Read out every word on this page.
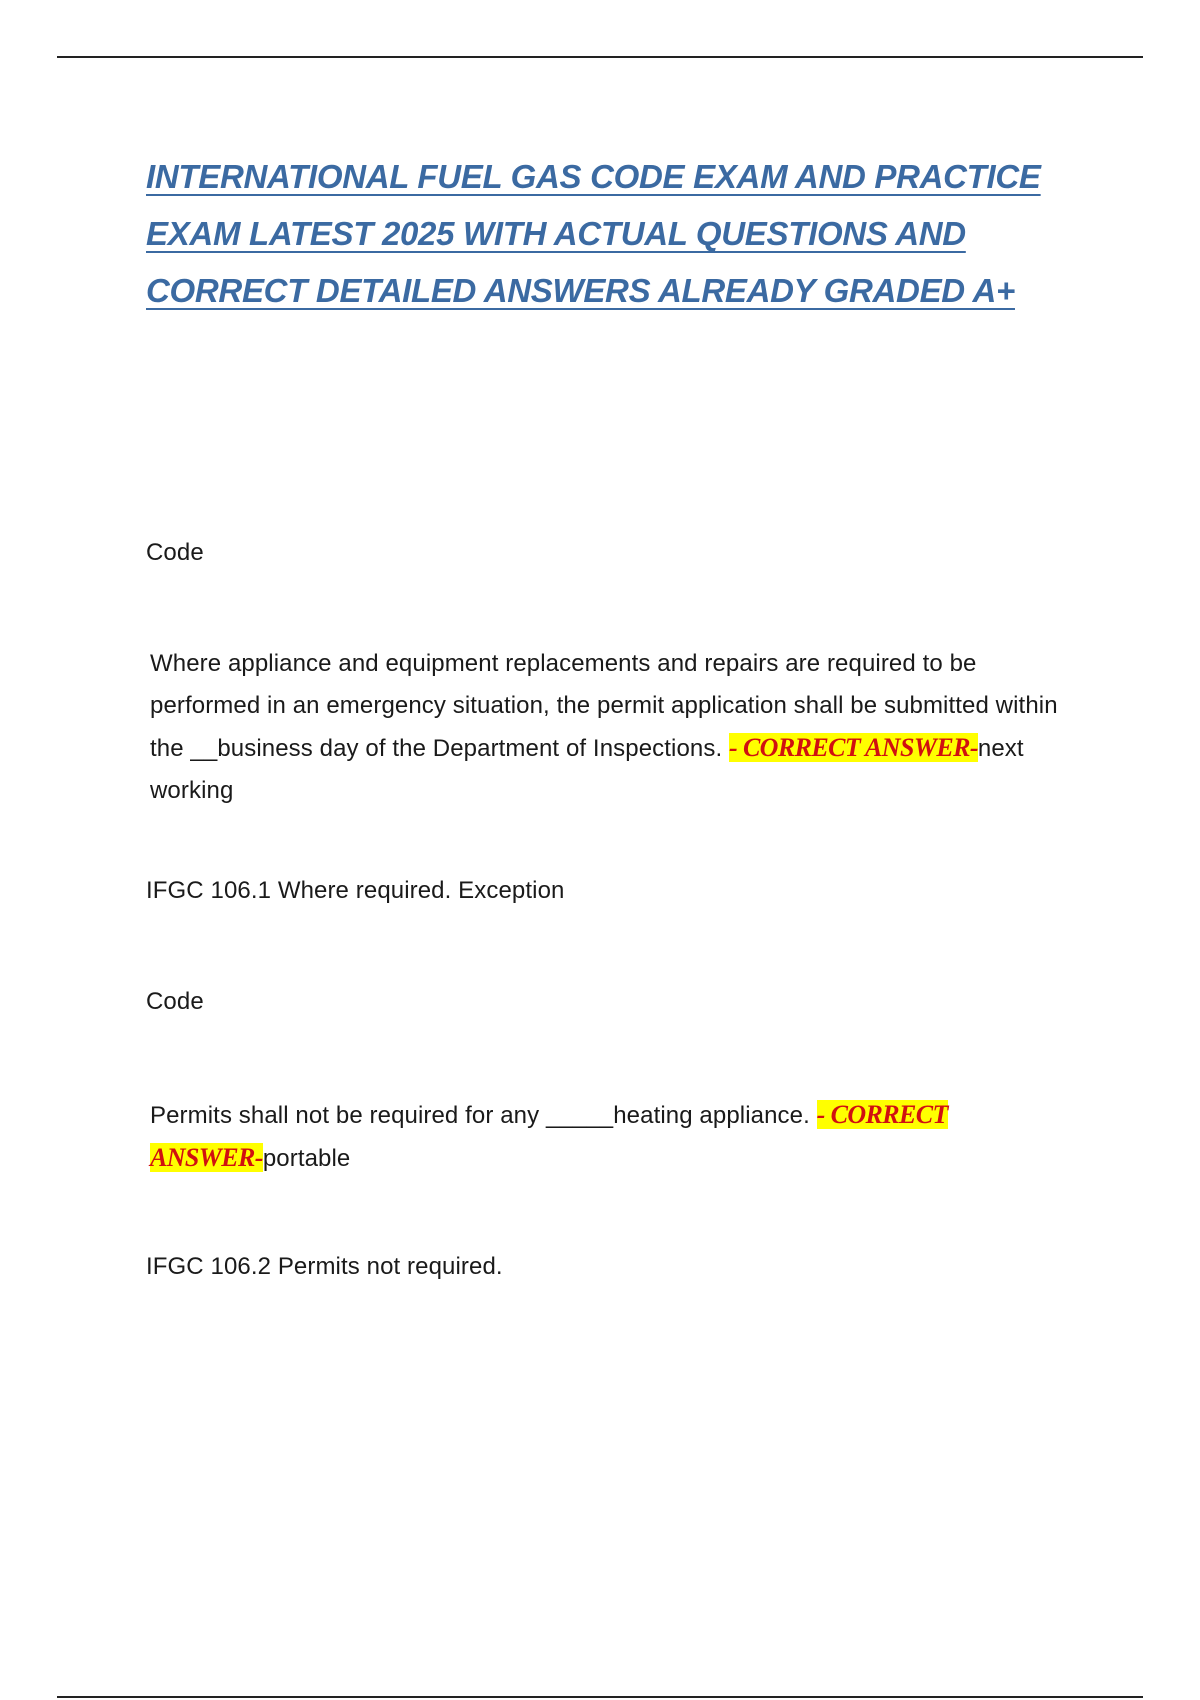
INTERNATIONAL FUEL GAS CODE EXAM AND PRACTICE EXAM LATEST 2025 WITH ACTUAL QUESTIONS AND CORRECT DETAILED ANSWERS ALREADY GRADED A+

Code

Where appliance and equipment replacements and repairs are required to be performed in an emergency situation, the permit application shall be submitted within the __business day of the Department of Inspections. - CORRECT ANSWER-next working

IFGC 106.1 Where required. Exception

Code

Permits shall not be required for any _____heating appliance. - CORRECT ANSWER-portable

IFGC 106.2 Permits not required.
